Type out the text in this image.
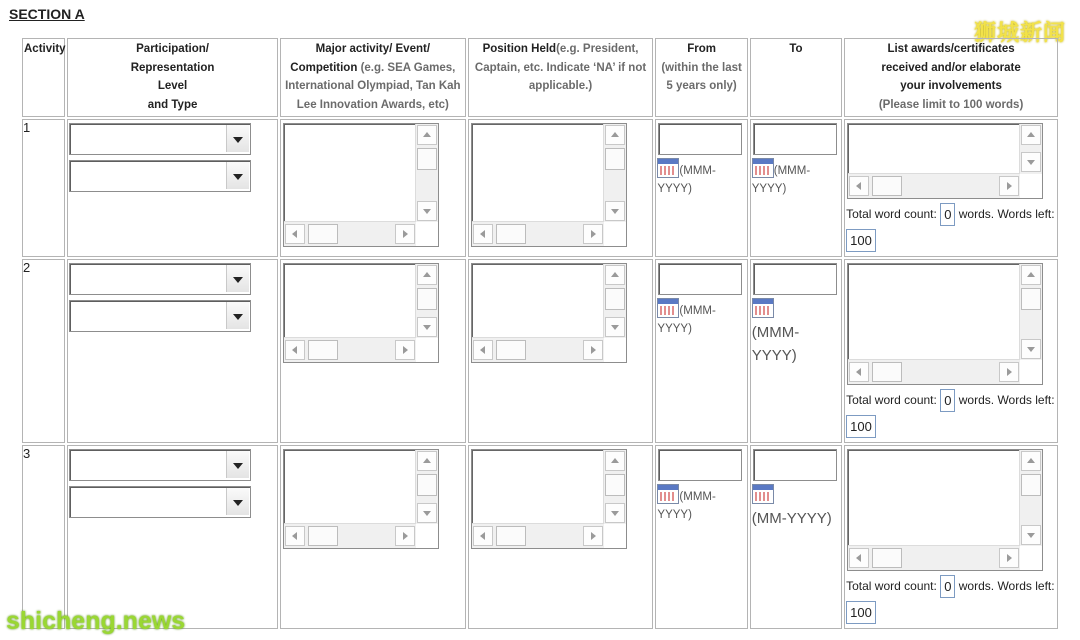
SECTION A
狮城新闻
Activity	Participation/
Representation
Level
and Type	Major activity/ Event/
Competition (e.g. SEA Games,
International Olympiad, Tan Kah
Lee Innovation Awards, etc)	Position Held(e.g. President,
Captain, etc. Indicate ‘NA’ if not
applicable.)	From
(within the last
5 years only)	To	List awards/certificates
received and/or elaborate
your involvements
(Please limit to 100 words)
1				(MMM-YYYY)	(MMM-YYYY)	Total word count: 0 words. Words left: 100

2				(MMM-YYYY)	(MMM-YYYY)	Total word count: 0 words. Words left: 100

3				(MMM-YYYY)	(MM-YYYY)	Total word count: 0 words. Words left: 100
shicheng.news
